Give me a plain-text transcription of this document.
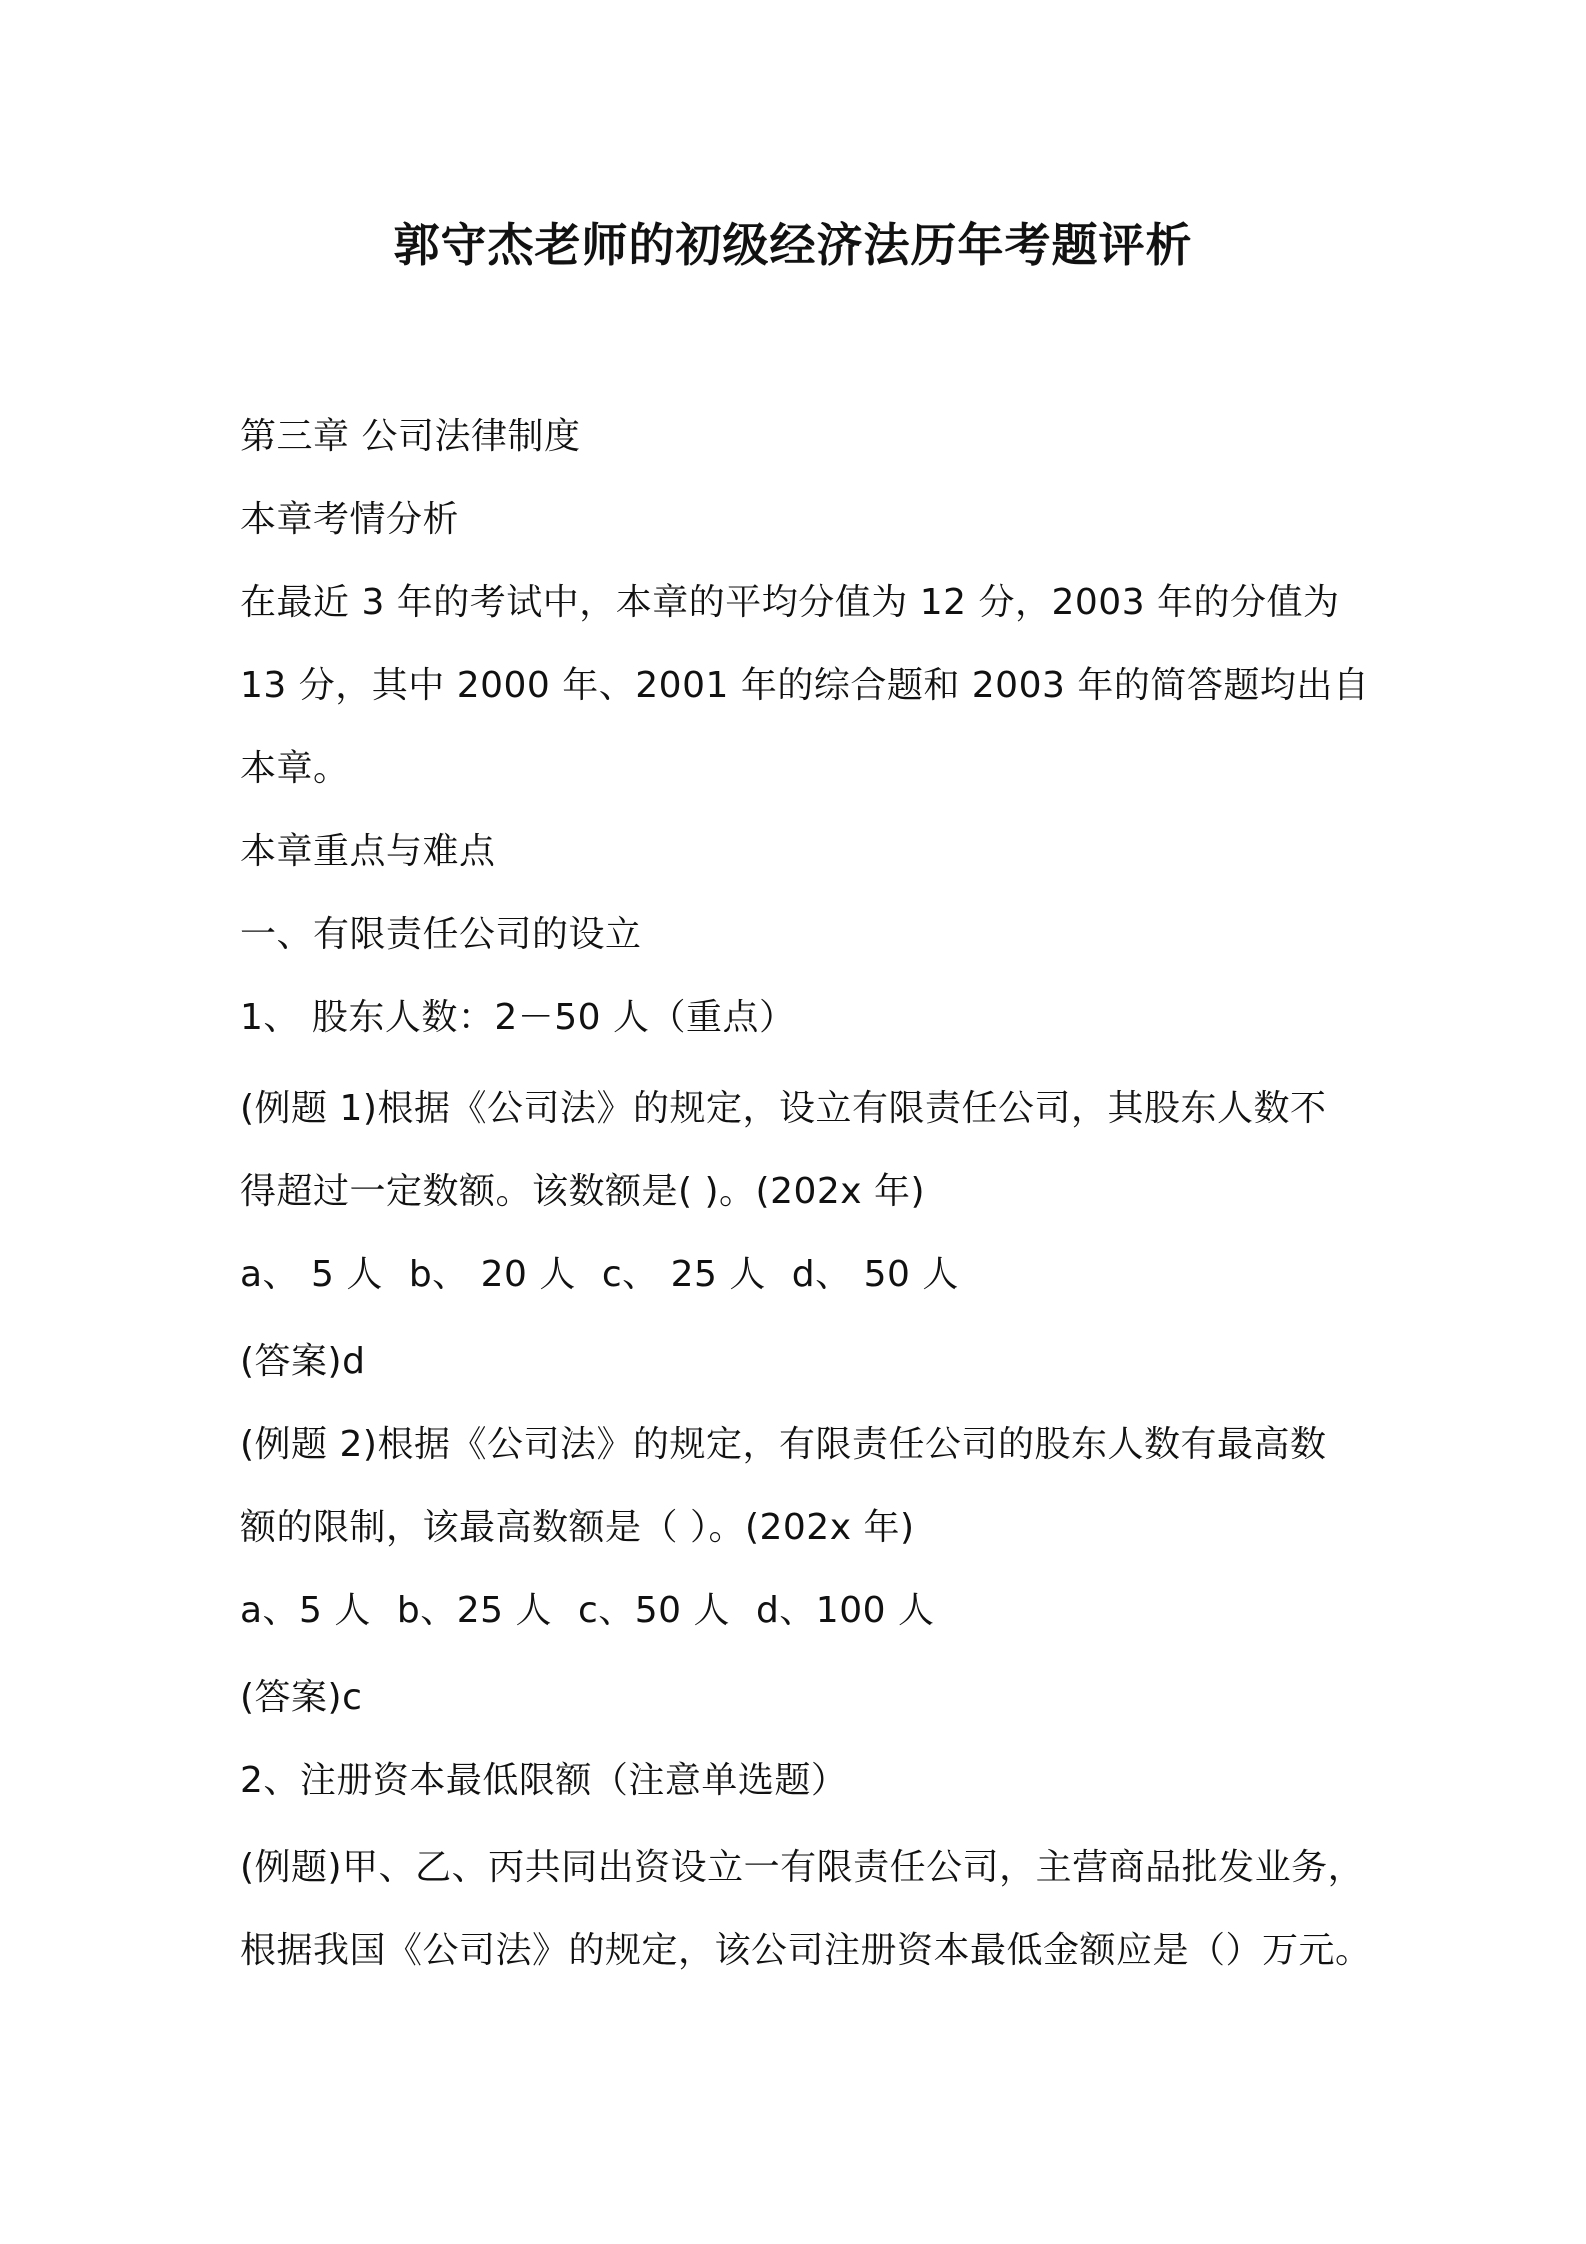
郭守杰老师的初级经济法历年考题评析
第三章 公司法律制度
本章考情分析
在最近 3 年的考试中，本章的平均分值为 12 分，2003 年的分值为
13 分，其中 2000 年、2001 年的综合题和 2003 年的简答题均出自
本章。
本章重点与难点
一、有限责任公司的设立
1、 股东人数：2－50 人（重点）
(例题 1)根据《公司法》的规定，设立有限责任公司，其股东人数不
得超过一定数额。该数额是( )。(202x 年)
a、 5 人 b、 20 人 c、 25 人 d、 50 人
(答案)d
(例题 2)根据《公司法》的规定，有限责任公司的股东人数有最高数
额的限制，该最高数额是（ ）。(202x 年)
a、5 人 b、25 人 c、50 人 d、100 人
(答案)c
2、注册资本最低限额（注意单选题）
(例题)甲、乙、丙共同出资设立一有限责任公司，主营商品批发业务，
根据我国《公司法》的规定，该公司注册资本最低金额应是（）万元。
